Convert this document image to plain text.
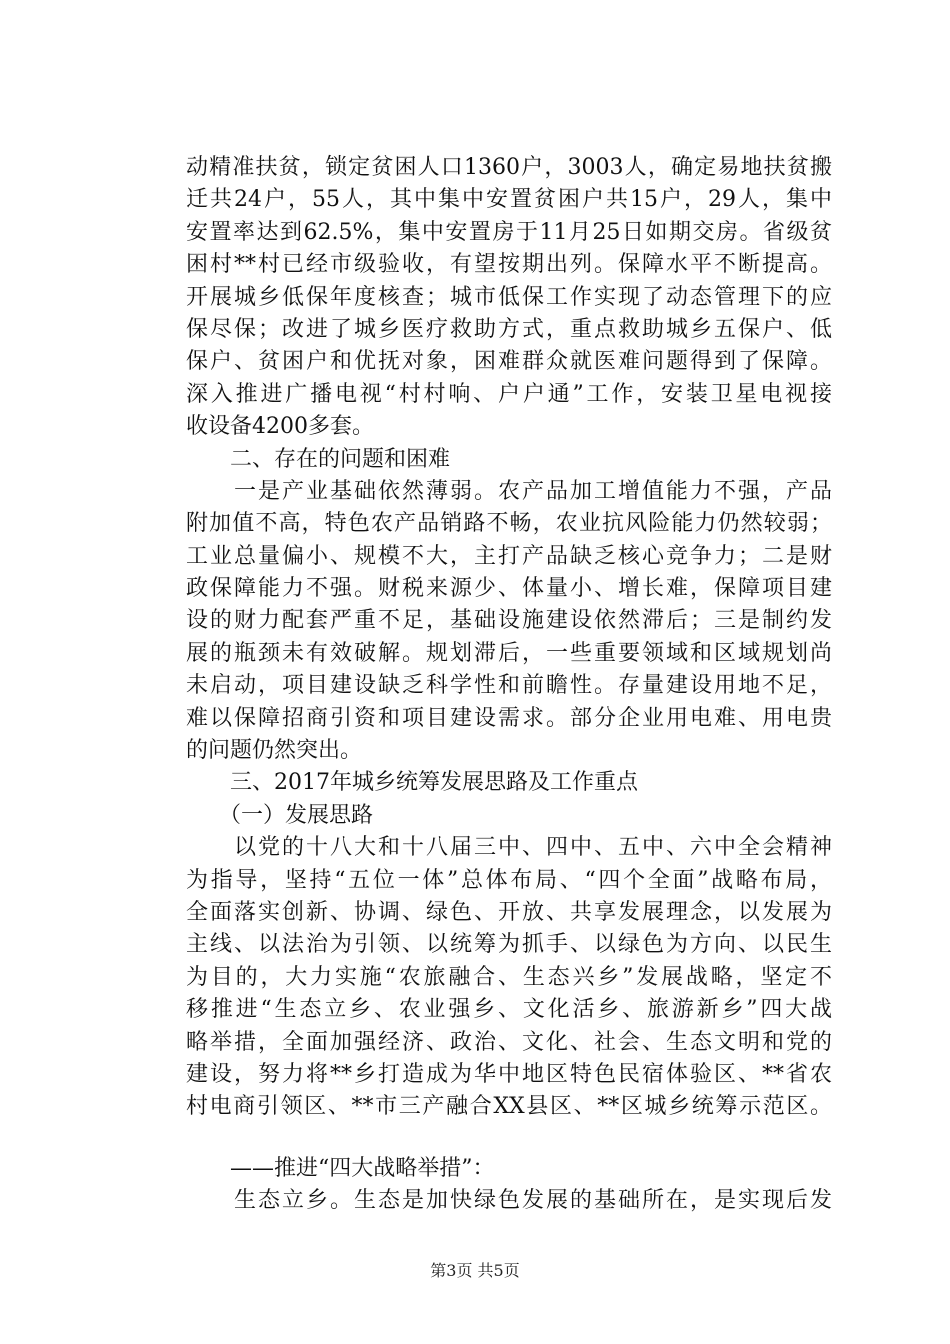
动精准扶贫，锁定贫困人口1360户，3003人，确定易地扶贫搬
迁共24户，55人，其中集中安置贫困户共15户，29人，集中
安置率达到62.5%，集中安置房于11月25日如期交房。省级贫
困村**村已经市级验收，有望按期出列。保障水平不断提高。
开展城乡低保年度核查；城市低保工作实现了动态管理下的应
保尽保；改进了城乡医疗救助方式，重点救助城乡五保户、低
保户、贫困户和优抚对象，困难群众就医难问题得到了保障。
深入推进广播电视“村村响、户户通”工作，安装卫星电视接
收设备4200多套。
　　二、存在的问题和困难
　　一是产业基础依然薄弱。农产品加工增值能力不强，产品
附加值不高，特色农产品销路不畅，农业抗风险能力仍然较弱；
工业总量偏小、规模不大，主打产品缺乏核心竞争力；二是财
政保障能力不强。财税来源少、体量小、增长难，保障项目建
设的财力配套严重不足，基础设施建设依然滞后；三是制约发
展的瓶颈未有效破解。规划滞后，一些重要领域和区域规划尚
未启动，项目建设缺乏科学性和前瞻性。存量建设用地不足，
难以保障招商引资和项目建设需求。部分企业用电难、用电贵
的问题仍然突出。
　　三、2017年城乡统筹发展思路及工作重点
　　（一）发展思路
　　以党的十八大和十八届三中、四中、五中、六中全会精神
为指导，坚持“五位一体”总体布局、“四个全面”战略布局，
全面落实创新、协调、绿色、开放、共享发展理念，以发展为
主线、以法治为引领、以统筹为抓手、以绿色为方向、以民生
为目的，大力实施“农旅融合、生态兴乡”发展战略，坚定不
移推进“生态立乡、农业强乡、文化活乡、旅游新乡”四大战
略举措，全面加强经济、政治、文化、社会、生态文明和党的
建设，努力将**乡打造成为华中地区特色民宿体验区、**省农
村电商引领区、**市三产融合XX县区、**区城乡统筹示范区。
　　——推进“四大战略举措”：
　　生态立乡。生态是加快绿色发展的基础所在，是实现后发
第3页 共5页
